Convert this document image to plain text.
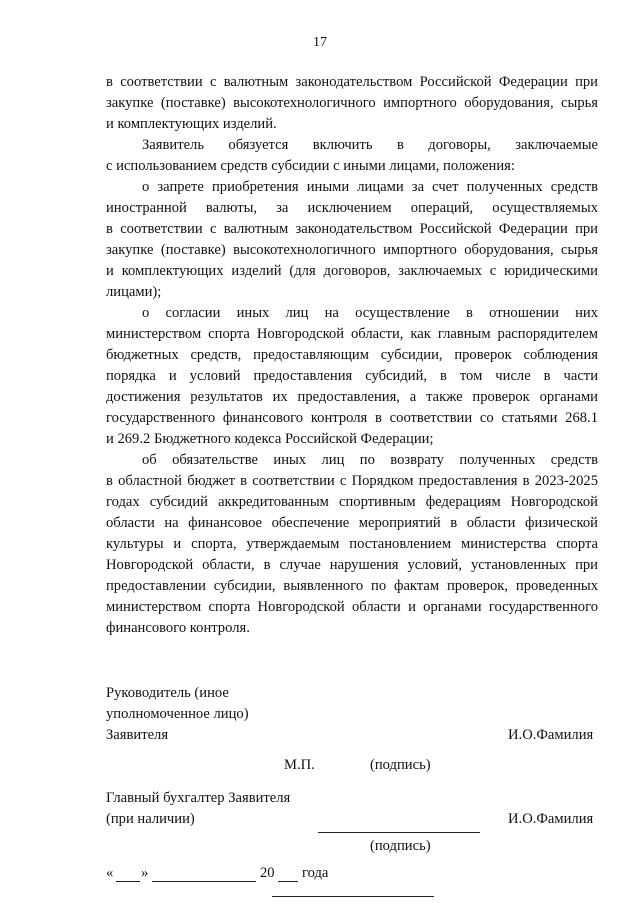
17
в соответствии с валютным законодательством Российской Федерации при
закупке (поставке) высокотехнологичного импортного оборудования, сырья
и комплектующих изделий.
Заявитель обязуется включить в договоры, заключаемые
с использованием средств субсидии с иными лицами, положения:
о запрете приобретения иными лицами за счет полученных средств
иностранной валюты, за исключением операций, осуществляемых
в соответствии с валютным законодательством Российской Федерации при
закупке (поставке) высокотехнологичного импортного оборудования, сырья
и комплектующих изделий (для договоров, заключаемых с юридическими
лицами);
о согласии иных лиц на осуществление в отношении них
министерством спорта Новгородской области, как главным распорядителем
бюджетных средств, предоставляющим субсидии, проверок соблюдения
порядка и условий предоставления субсидий, в том числе в части
достижения результатов их предоставления, а также проверок органами
государственного финансового контроля в соответствии со статьями 268.1
и 269.2 Бюджетного кодекса Российской Федерации;
об обязательстве иных лиц по возврату полученных средств
в областной бюджет в соответствии с Порядком предоставления в 2023-2025
годах субсидий аккредитованным спортивным федерациям Новгородской
области на финансовое обеспечение мероприятий в области физической
культуры и спорта, утверждаемым постановлением министерства спорта
Новгородской области, в случае нарушения условий, установленных при
предоставлении субсидии, выявленного по фактам проверок, проведенных
министерством спорта Новгородской области и органами государственного
финансового контроля.
Руководитель (иное
уполномоченное лицо)
Заявителя	И.О.Фамилия
М.П.	(подпись)
Главный бухгалтер Заявителя
(при наличии)	И.О.Фамилия
(подпись)
« »	20 года
